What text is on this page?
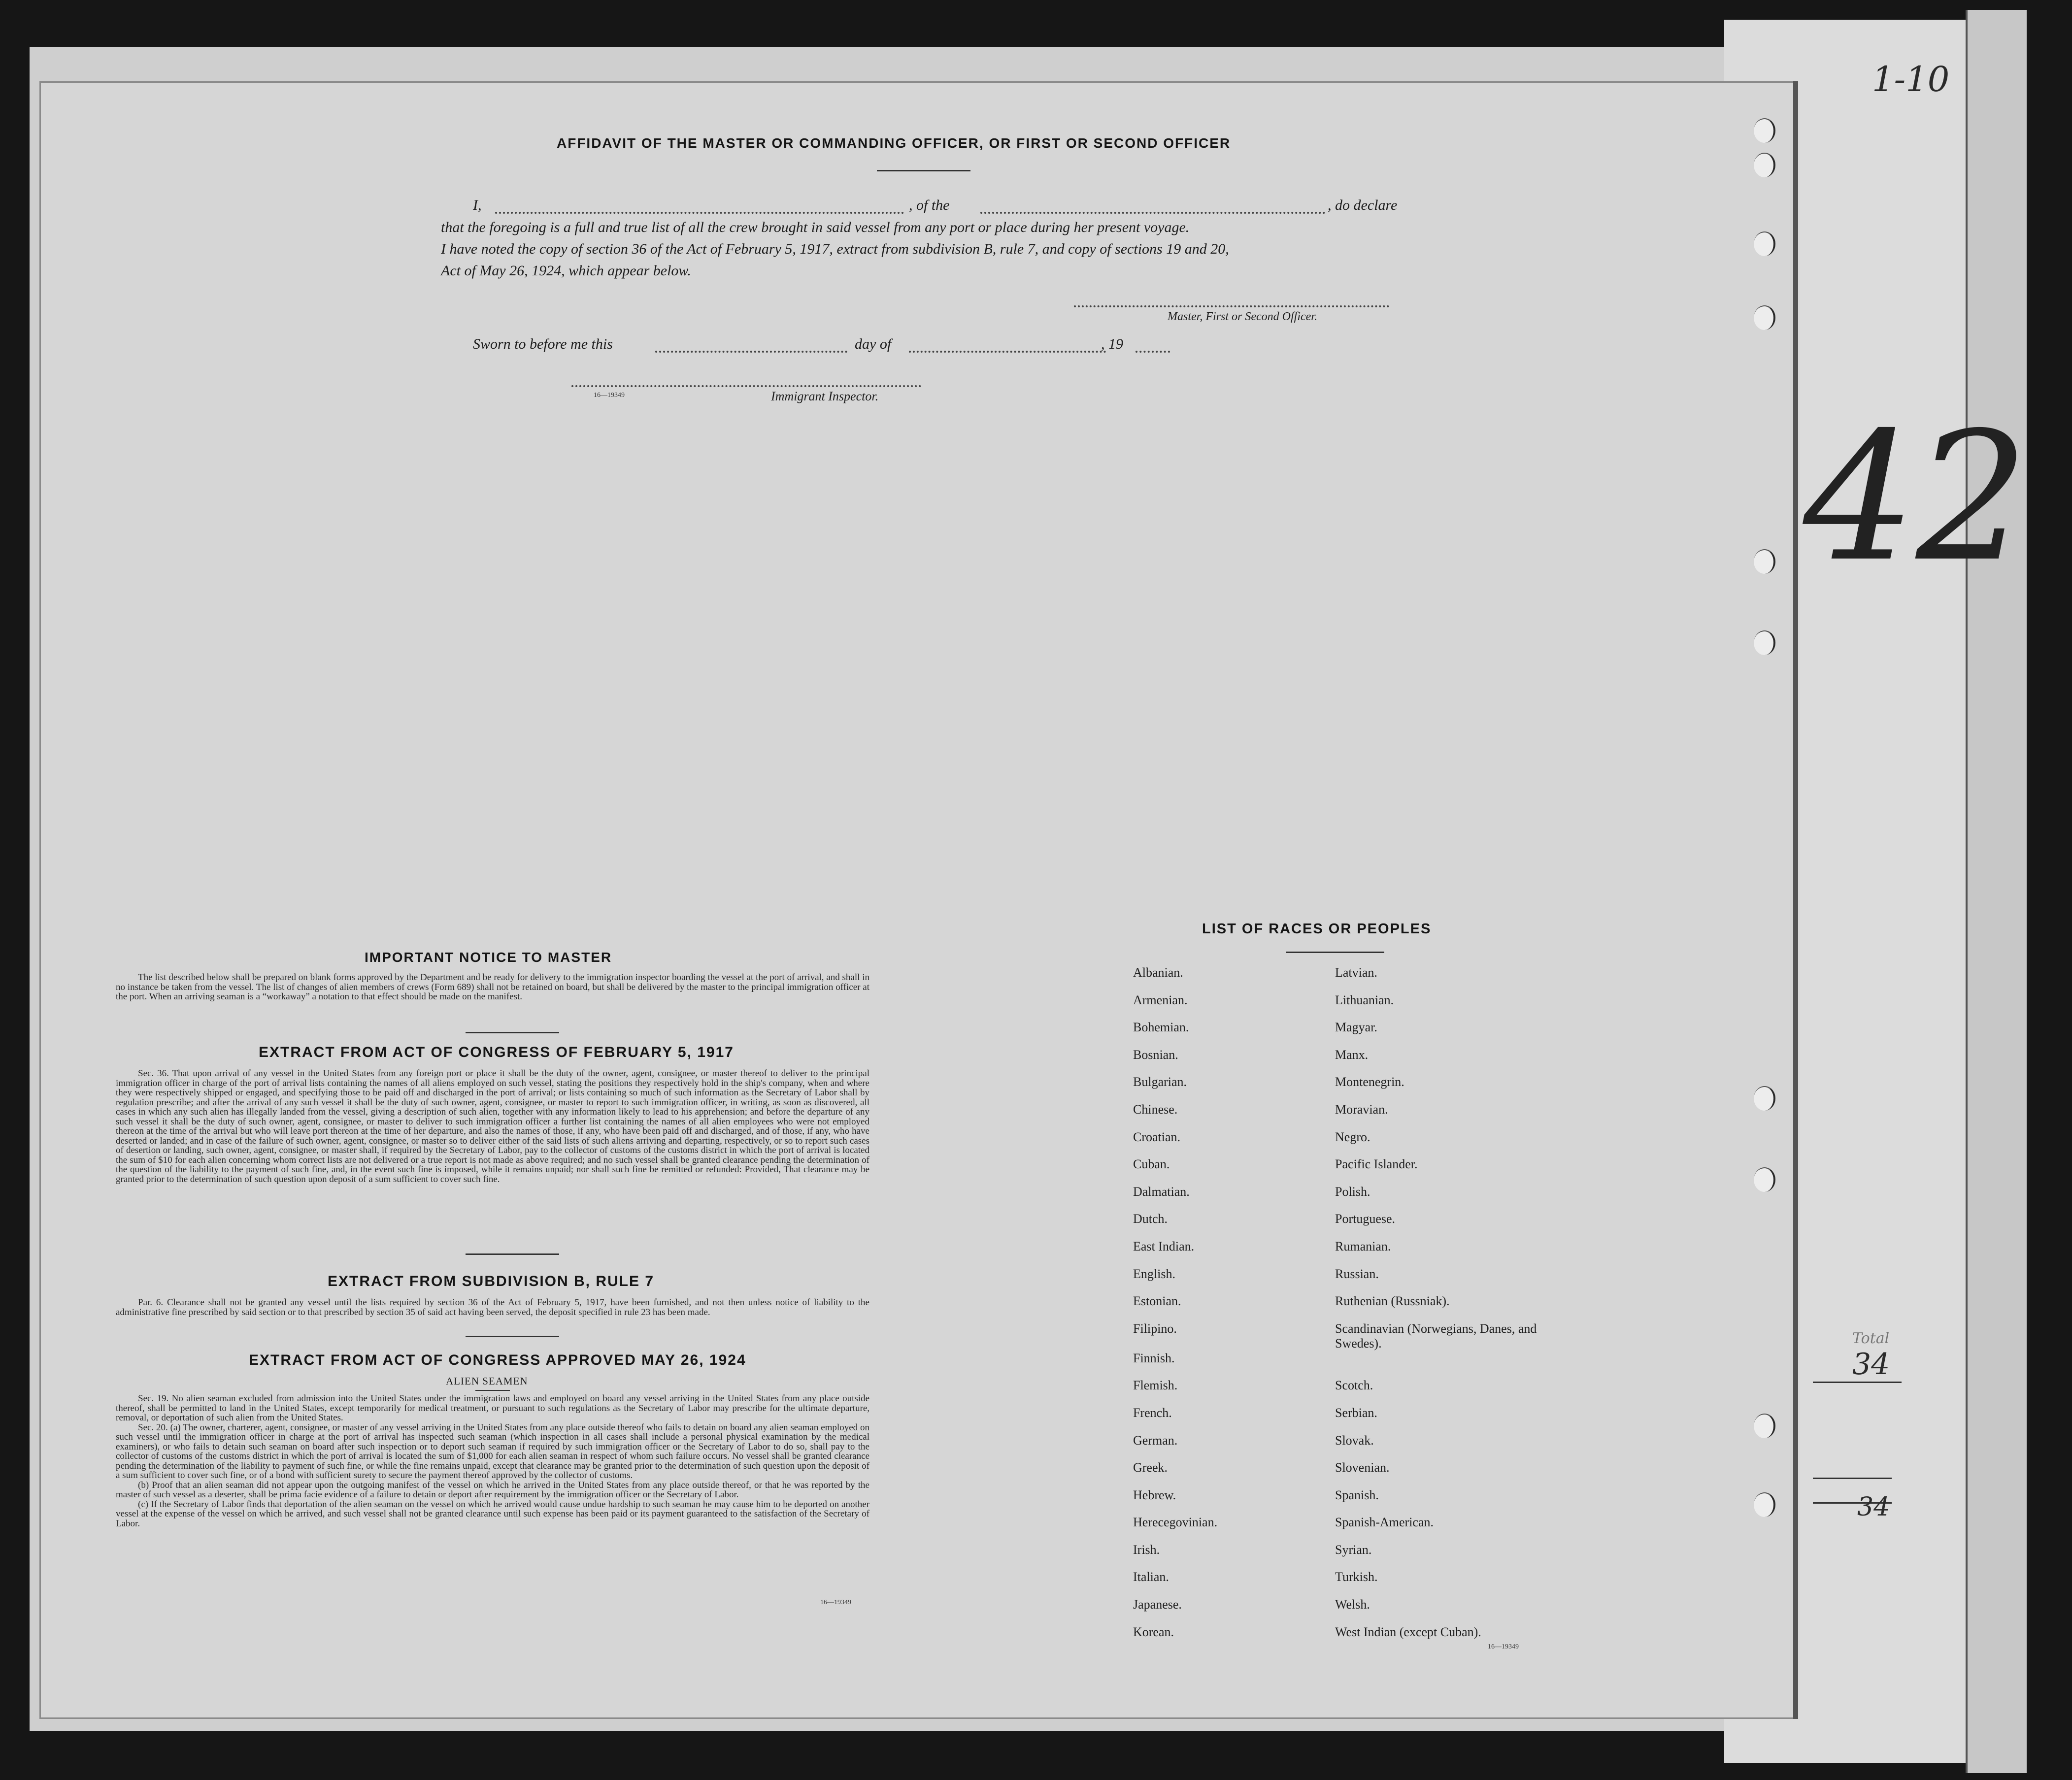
AFFIDAVIT OF THE MASTER OR COMMANDING OFFICER, OR FIRST OR SECOND OFFICER
I,	, of the	, do declare
that the foregoing is a full and true list of all the crew brought in said vessel from any port or place during her present voyage.
I have noted the copy of section 36 of the Act of February 5, 1917, extract from subdivision B, rule 7, and copy of sections 19 and 20,
Act of May 26, 1924, which appear below.
Master, First or Second Officer.
Sworn to before me this	day of	, 19
16—19349	Immigrant Inspector.
IMPORTANT NOTICE TO MASTER

The list described below shall be prepared on blank forms approved by the Department and be ready for delivery to the immigration inspector boarding the vessel at the port of arrival, and shall in no instance be taken from the vessel. The list of changes of alien members of crews (Form 689) shall not be retained on board, but shall be delivered by the master to the principal immigration officer at the port. When an arriving seaman is a “workaway” a notation to that effect should be made on the manifest.

EXTRACT FROM ACT OF CONGRESS OF FEBRUARY 5, 1917

Sec. 36. That upon arrival of any vessel in the United States from any foreign port or place it shall be the duty of the owner, agent, consignee, or master thereof to deliver to the principal immigration officer in charge of the port of arrival lists containing the names of all aliens employed on such vessel, stating the positions they respectively hold in the ship's company, when and where they were respectively shipped or engaged, and specifying those to be paid off and discharged in the port of arrival; or lists containing so much of such information as the Secretary of Labor shall by regulation prescribe; and after the arrival of any such vessel it shall be the duty of such owner, agent, consignee, or master to report to such immigration officer, in writing, as soon as discovered, all cases in which any such alien has illegally landed from the vessel, giving a description of such alien, together with any information likely to lead to his apprehension; and before the departure of any such vessel it shall be the duty of such owner, agent, consignee, or master to deliver to such immigration officer a further list containing the names of all alien employees who were not employed thereon at the time of the arrival but who will leave port thereon at the time of her departure, and also the names of those, if any, who have been paid off and discharged, and of those, if any, who have deserted or landed; and in case of the failure of such owner, agent, consignee, or master so to deliver either of the said lists of such aliens arriving and departing, respectively, or so to report such cases of desertion or landing, such owner, agent, consignee, or master shall, if required by the Secretary of Labor, pay to the collector of customs of the customs district in which the port of arrival is located the sum of $10 for each alien concerning whom correct lists are not delivered or a true report is not made as above required; and no such vessel shall be granted clearance pending the determination of the question of the liability to the payment of such fine, and, in the event such fine is imposed, while it remains unpaid; nor shall such fine be remitted or refunded: Provided, That clearance may be granted prior to the determination of such question upon deposit of a sum sufficient to cover such fine.

EXTRACT FROM SUBDIVISION B, RULE 7

Par. 6. Clearance shall not be granted any vessel until the lists required by section 36 of the Act of February 5, 1917, have been furnished, and not then unless notice of liability to the administrative fine prescribed by said section or to that prescribed by section 35 of said act having been served, the deposit specified in rule 23 has been made.

EXTRACT FROM ACT OF CONGRESS APPROVED MAY 26, 1924
ALIEN SEAMEN

Sec. 19. No alien seaman excluded from admission into the United States under the immigration laws and employed on board any vessel arriving in the United States from any place outside thereof, shall be permitted to land in the United States, except temporarily for medical treatment, or pursuant to such regulations as the Secretary of Labor may prescribe for the ultimate departure, removal, or deportation of such alien from the United States.

Sec. 20. (a) The owner, charterer, agent, consignee, or master of any vessel arriving in the United States from any place outside thereof who fails to detain on board any alien seaman employed on such vessel until the immigration officer in charge at the port of arrival has inspected such seaman (which inspection in all cases shall include a personal physical examination by the medical examiners), or who fails to detain such seaman on board after such inspection or to deport such seaman if required by such immigration officer or the Secretary of Labor to do so, shall pay to the collector of customs of the customs district in which the port of arrival is located the sum of $1,000 for each alien seaman in respect of whom such failure occurs. No vessel shall be granted clearance pending the determination of the liability to payment of such fine, or while the fine remains unpaid, except that clearance may be granted prior to the determination of such question upon the deposit of a sum sufficient to cover such fine, or of a bond with sufficient surety to secure the payment thereof approved by the collector of customs.

(b) Proof that an alien seaman did not appear upon the outgoing manifest of the vessel on which he arrived in the United States from any place outside thereof, or that he was reported by the master of such vessel as a deserter, shall be prima facie evidence of a failure to detain or deport after requirement by the immigration officer or the Secretary of Labor.

(c) If the Secretary of Labor finds that deportation of the alien seaman on the vessel on which he arrived would cause undue hardship to such seaman he may cause him to be deported on another vessel at the expense of the vessel on which he arrived, and such vessel shall not be granted clearance until such expense has been paid or its payment guaranteed to the satisfaction of the Secretary of Labor.

16—19349
LIST OF RACES OR PEOPLES
Albanian.	Latvian.
Armenian.	Lithuanian.
Bohemian.	Magyar.
Bosnian.	Manx.
Bulgarian.	Montenegrin.
Chinese.	Moravian.
Croatian.	Negro.
Cuban.	Pacific Islander.
Dalmatian.	Polish.
Dutch.	Portuguese.
East Indian.	Rumanian.
English.	Russian.
Estonian.	Ruthenian (Russniak).
Filipino.	Scandinavian (Norwegians, Danes, and Swedes).
Finnish.	
Flemish.	Scotch.
French.	Serbian.
German.	Slovak.
Greek.	Slovenian.
Hebrew.	Spanish.
Herecegovinian.	Spanish-American.
Irish.	Syrian.
Italian.	Turkish.
Japanese.	Welsh.
Korean.	West Indian (except Cuban).
16—19349
1-10
42
Total
34
34
